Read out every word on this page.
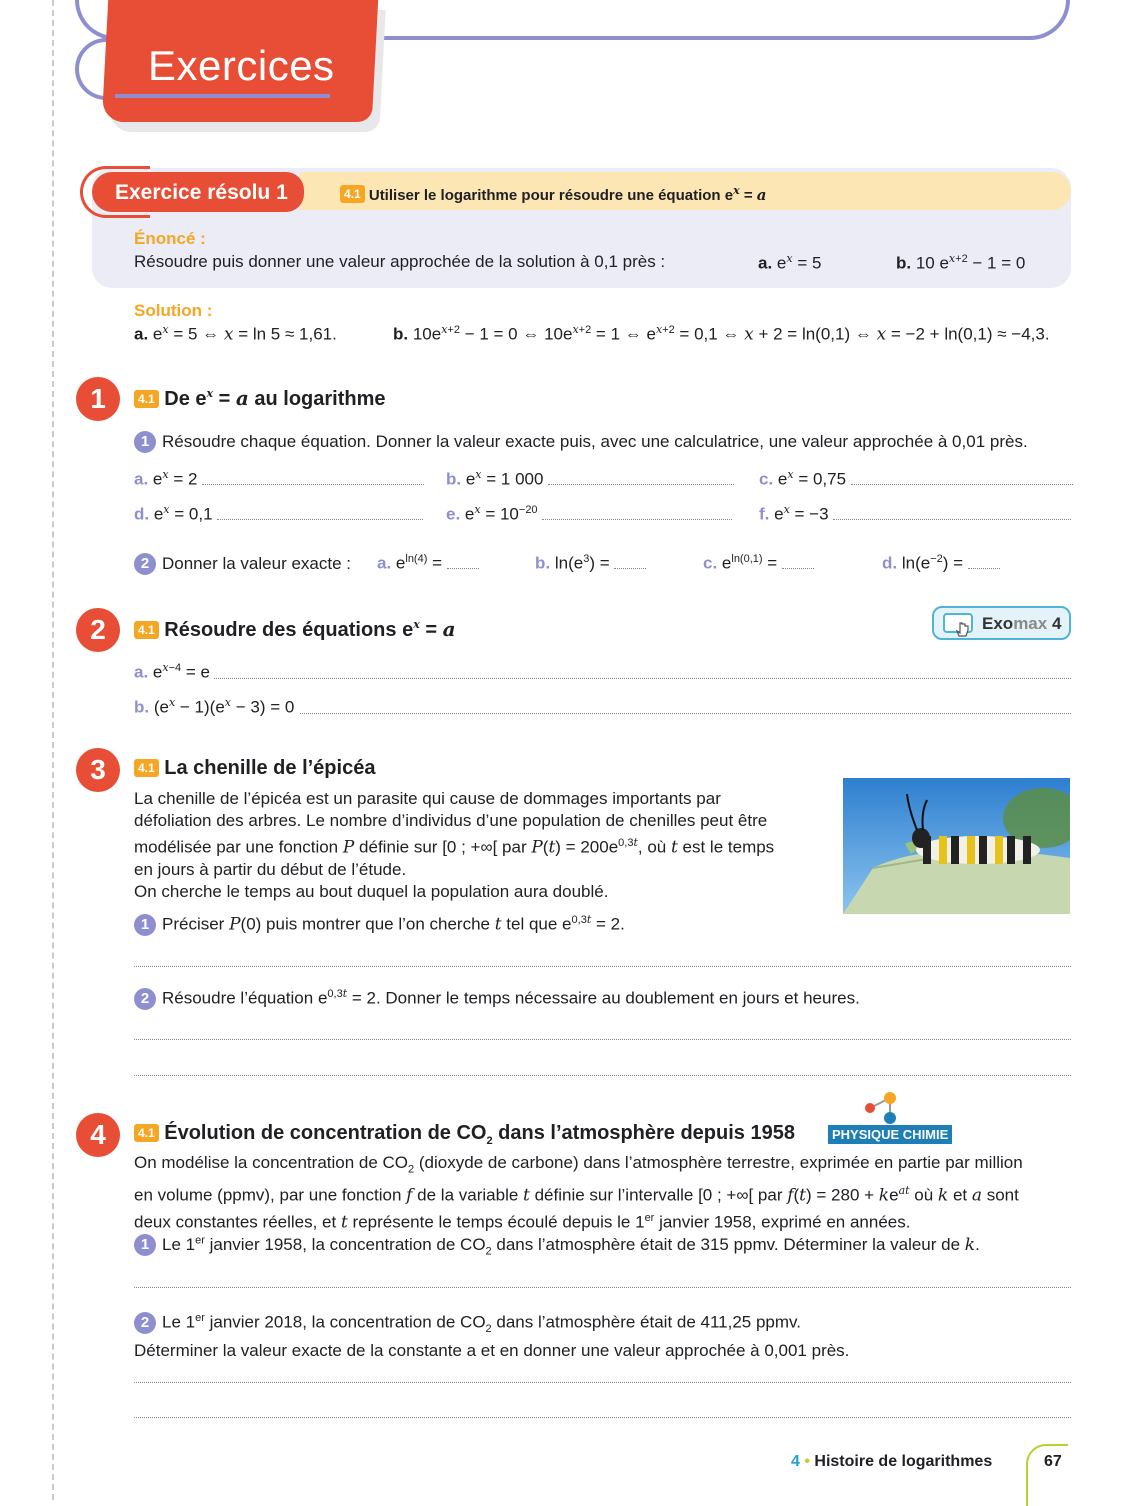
Exercices
Exercice résolu 1	4.1 Utiliser le logarithme pour résoudre une équation $e^x = a$
Énoncé :
Résoudre puis donner une valeur approchée de la solution à 0,1 près :	a. $e^x = 5$	b. 10 $e^{x+2} - 1 = 0$
Solution :
a. $e^x = 5$ ⇔ x = ln 5 ≈ 1,61.	b. $10e^{x+2} - 1 = 0$ ⇔ $10e^{x+2} = 1$ ⇔ $e^{x+2} = 0,1$ ⇔ x + 2 = ln(0,1) ⇔ x = −2 + ln(0,1) ≈ −4,3.
1	4.1 De $e^x = a$ au logarithme
1 Résoudre chaque équation. Donner la valeur exacte puis, avec une calculatrice, une valeur approchée à 0,01 près.
a. $e^x = 2$	b. $e^x = 1$ 000	c. $e^x = 0,75$
d. $e^x = 0,1$	e. $e^x = 10^{-20}$	f. $e^x = -3$
2 Donner la valeur exacte : a. $e^{ln(4)}$ =	b. $\ln(e^3)$ =	c. $e^{ln(0,1)}$ =	d. $\ln(e^{-2})$ =
2	4.1 Résoudre des équations $e^x = a$	Exomax 4
a. $e^{x-4} = e$
b. $(e^x - 1)(e^x - 3) = 0$
3	4.1 La chenille de l’épicéa
La chenille de l’épicéa est un parasite qui cause de dommages importants par
défoliation des arbres. Le nombre d’individus d’une population de chenilles peut être
modélisée par une fonction P définie sur [0 ; +∞[ par $P(t) = 200e^{0,3t}$, où t est le temps
en jours à partir du début de l’étude.
On cherche le temps au bout duquel la population aura doublé.
1 Préciser P(0) puis montrer que l’on cherche t tel que $e^{0,3t} = 2$.
2 Résoudre l’équation $e^{0,3t} = 2$. Donner le temps nécessaire au doublement en jours et heures.
4	4.1 Évolution de concentration de $CO_2$ dans l’atmosphère depuis 1958	PHYSIQUE CHIMIE
On modélise la concentration de $CO_2$ (dioxyde de carbone) dans l’atmosphère terrestre, exprimée en partie par million
en volume (ppmv), par une fonction f de la variable t définie sur l’intervalle [0 ; +∞[ par $f(t) = 280 + ke^{at}$ où k et a sont
deux constantes réelles, et t représente le temps écoulé depuis le 1er janvier 1958, exprimé en années.
1 Le 1er janvier 1958, la concentration de $CO_2$ dans l’atmosphère était de 315 ppmv. Déterminer la valeur de k.
2 Le 1er janvier 2018, la concentration de $CO_2$ dans l’atmosphère était de 411,25 ppmv.
Déterminer la valeur exacte de la constante a et en donner une valeur approchée à 0,001 près.
4 • Histoire de logarithmes	67
